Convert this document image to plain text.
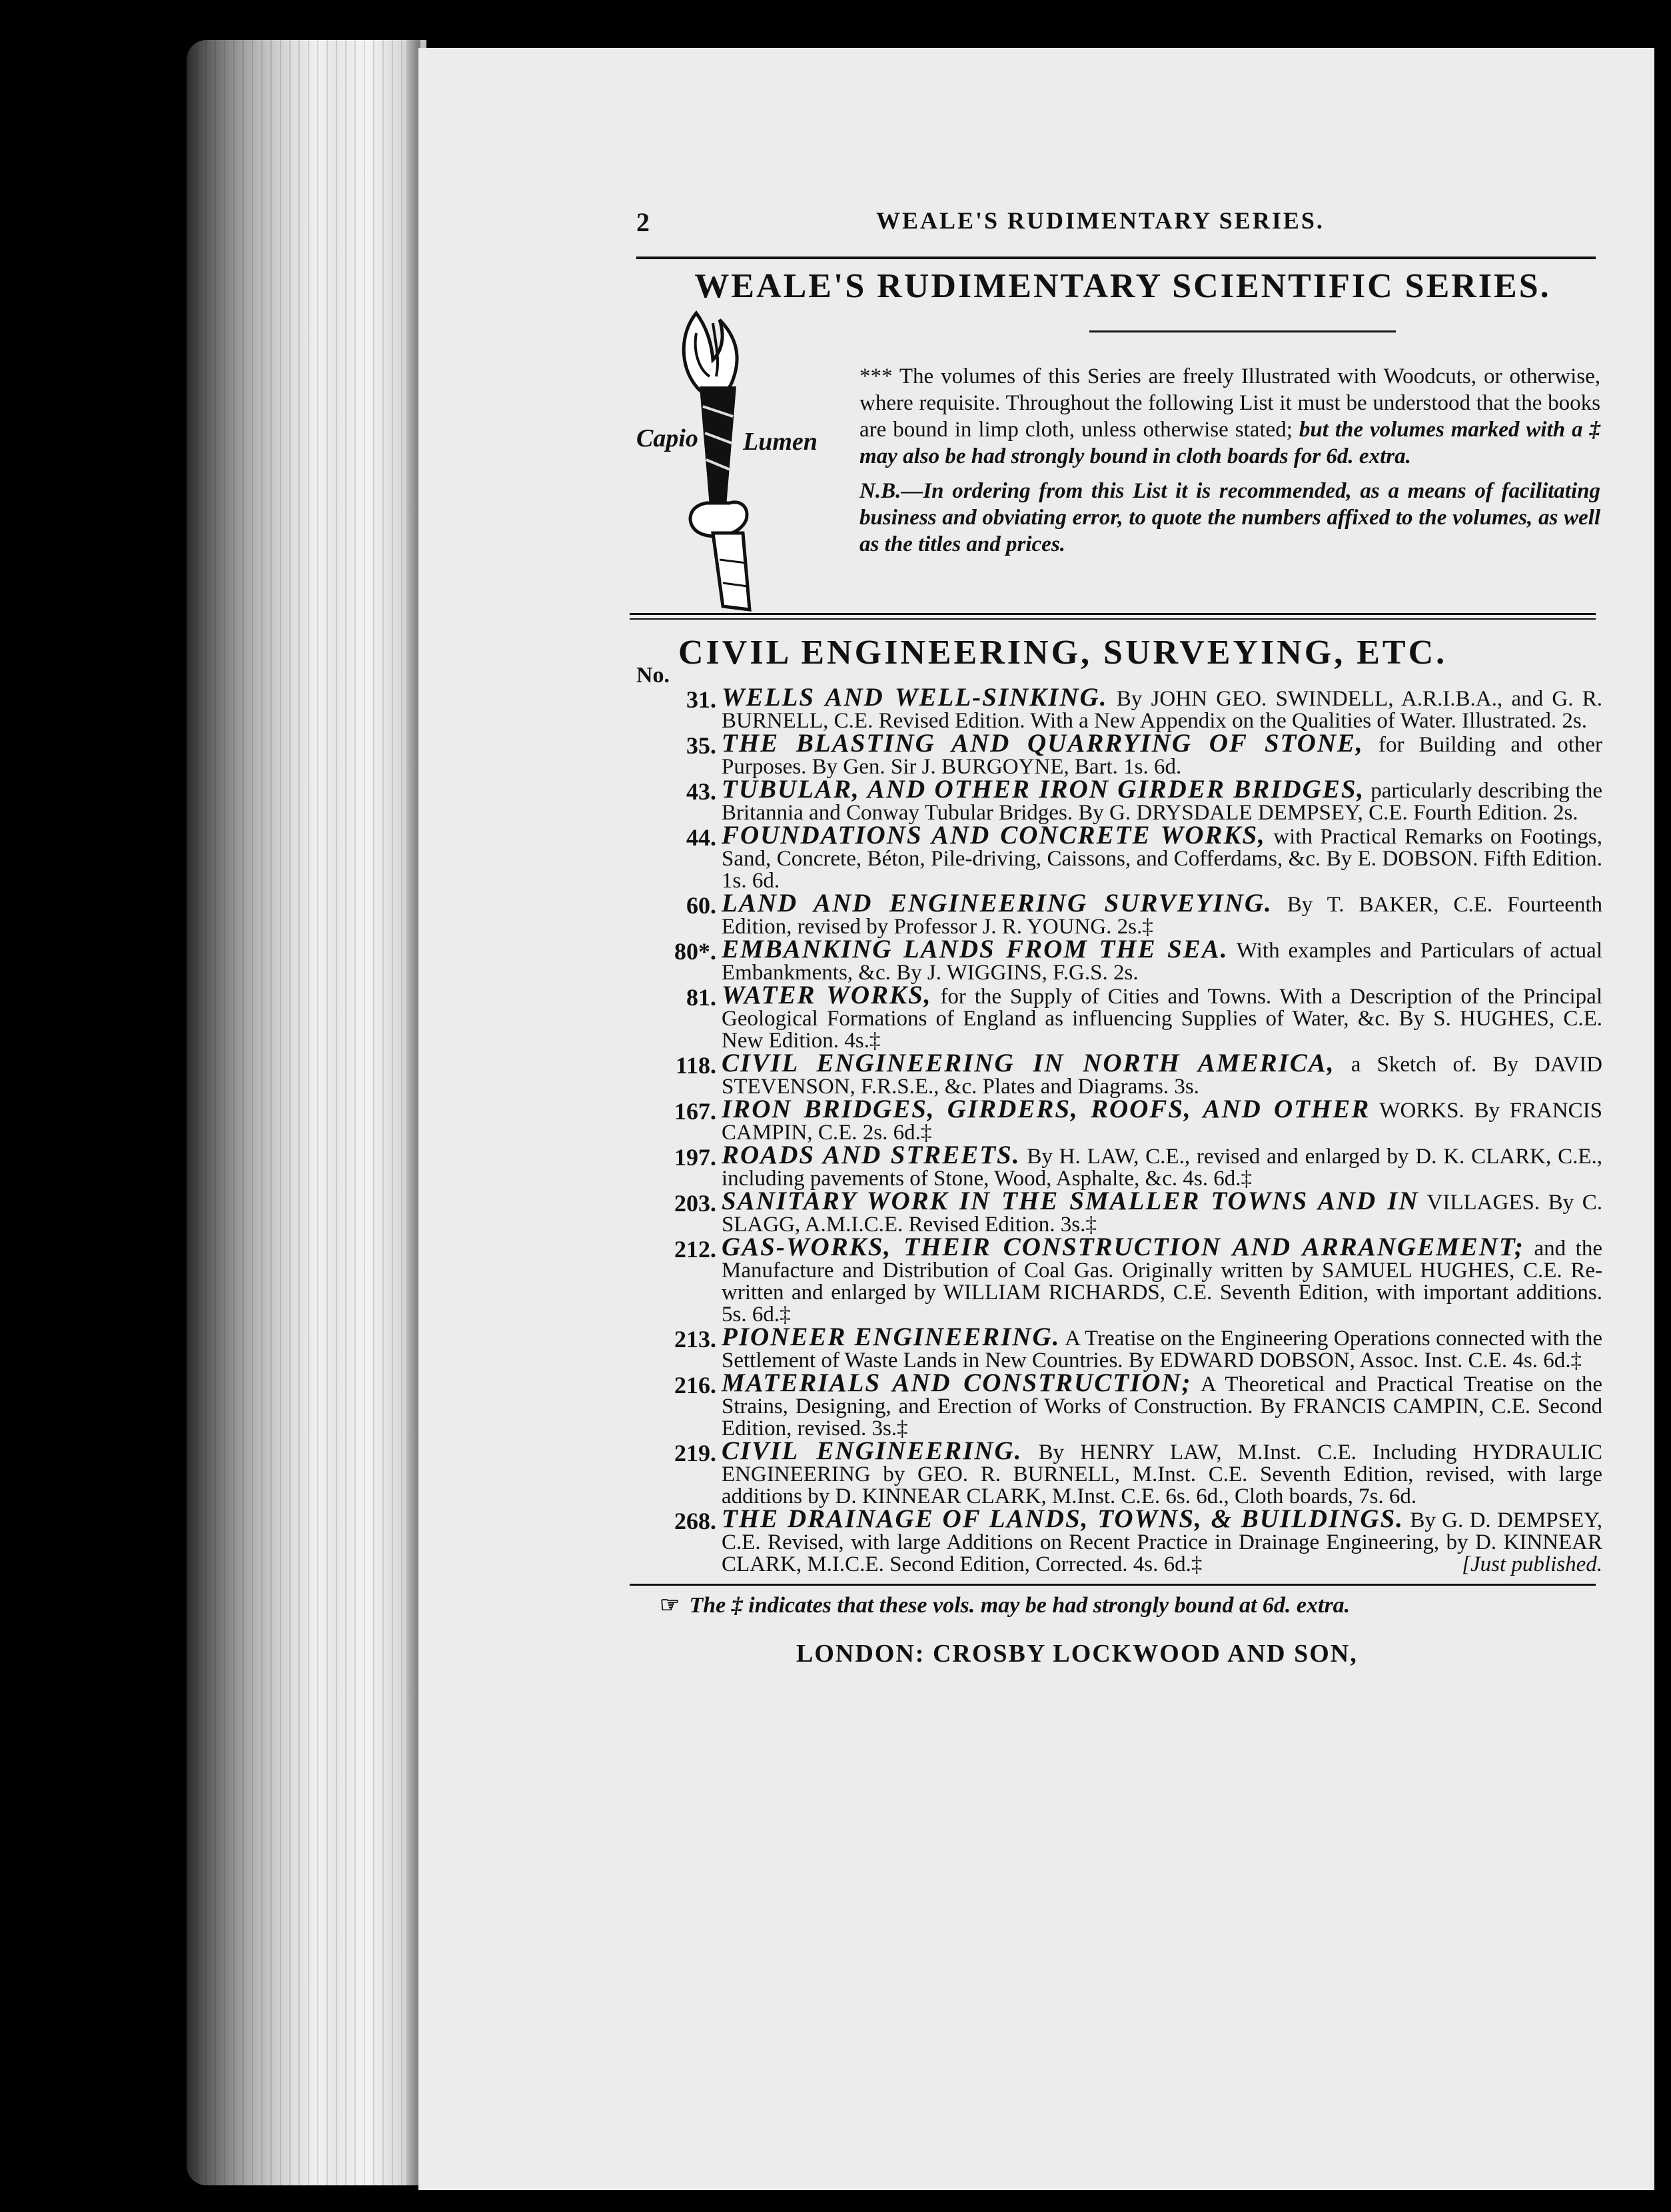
2	WEALE'S RUDIMENTARY SERIES.
WEALE'S RUDIMENTARY SCIENTIFIC SERIES.
Capio Lumen

*** The volumes of this Series are freely Illustrated with Woodcuts, or otherwise, where requisite. Throughout the following List it must be understood that the books are bound in limp cloth, unless otherwise stated; but the volumes marked with a ‡ may also be had strongly bound in cloth boards for 6d. extra.

N.B.—In ordering from this List it is recommended, as a means of facilitating business and obviating error, to quote the numbers affixed to the volumes, as well as the titles and prices.

CIVIL ENGINEERING, SURVEYING, ETC.
No.
31. WELLS AND WELL-SINKING. By JOHN GEO. SWINDELL, A.R.I.B.A., and G. R. BURNELL, C.E. Revised Edition. With a New Appendix on the Qualities of Water. Illustrated. 2s.
35. THE BLASTING AND QUARRYING OF STONE, for Building and other Purposes. By Gen. Sir J. BURGOYNE, Bart. 1s. 6d.
43. TUBULAR, AND OTHER IRON GIRDER BRIDGES, particularly describing the Britannia and Conway Tubular Bridges. By G. DRYSDALE DEMPSEY, C.E. Fourth Edition. 2s.
44. FOUNDATIONS AND CONCRETE WORKS, with Practical Remarks on Footings, Sand, Concrete, Béton, Pile-driving, Caissons, and Cofferdams, &c. By E. DOBSON. Fifth Edition. 1s. 6d.
60. LAND AND ENGINEERING SURVEYING. By T. BAKER, C.E. Fourteenth Edition, revised by Professor J. R. YOUNG. 2s.‡
80*. EMBANKING LANDS FROM THE SEA. With examples and Particulars of actual Embankments, &c. By J. WIGGINS, F.G.S. 2s.
81. WATER WORKS, for the Supply of Cities and Towns. With a Description of the Principal Geological Formations of England as influencing Supplies of Water, &c. By S. HUGHES, C.E. New Edition. 4s.‡
118. CIVIL ENGINEERING IN NORTH AMERICA, a Sketch of. By DAVID STEVENSON, F.R.S.E., &c. Plates and Diagrams. 3s.
167. IRON BRIDGES, GIRDERS, ROOFS, AND OTHER WORKS. By FRANCIS CAMPIN, C.E. 2s. 6d.‡
197. ROADS AND STREETS. By H. LAW, C.E., revised and enlarged by D. K. CLARK, C.E., including pavements of Stone, Wood, Asphalte, &c. 4s. 6d.‡
203. SANITARY WORK IN THE SMALLER TOWNS AND IN VILLAGES. By C. SLAGG, A.M.I.C.E. Revised Edition. 3s.‡
212. GAS-WORKS, THEIR CONSTRUCTION AND ARRANGEMENT; and the Manufacture and Distribution of Coal Gas. Originally written by SAMUEL HUGHES, C.E. Re-written and enlarged by WILLIAM RICHARDS, C.E. Seventh Edition, with important additions. 5s. 6d.‡
213. PIONEER ENGINEERING. A Treatise on the Engineering Operations connected with the Settlement of Waste Lands in New Countries. By EDWARD DOBSON, Assoc. Inst. C.E. 4s. 6d.‡
216. MATERIALS AND CONSTRUCTION; A Theoretical and Practical Treatise on the Strains, Designing, and Erection of Works of Construction. By FRANCIS CAMPIN, C.E. Second Edition, revised. 3s.‡
219. CIVIL ENGINEERING. By HENRY LAW, M.Inst. C.E. Including HYDRAULIC ENGINEERING by GEO. R. BURNELL, M.Inst. C.E. Seventh Edition, revised, with large additions by D. KINNEAR CLARK, M.Inst. C.E. 6s. 6d., Cloth boards, 7s. 6d.
268. THE DRAINAGE OF LANDS, TOWNS, & BUILDINGS. By G. D. DEMPSEY, C.E. Revised, with large Additions on Recent Practice in Drainage Engineering, by D. KINNEAR CLARK, M.I.C.E. Second Edition, Corrected. 4s. 6d.‡	[Just published.
☞ The ‡ indicates that these vols. may be had strongly bound at 6d. extra.
LONDON: CROSBY LOCKWOOD AND SON,
